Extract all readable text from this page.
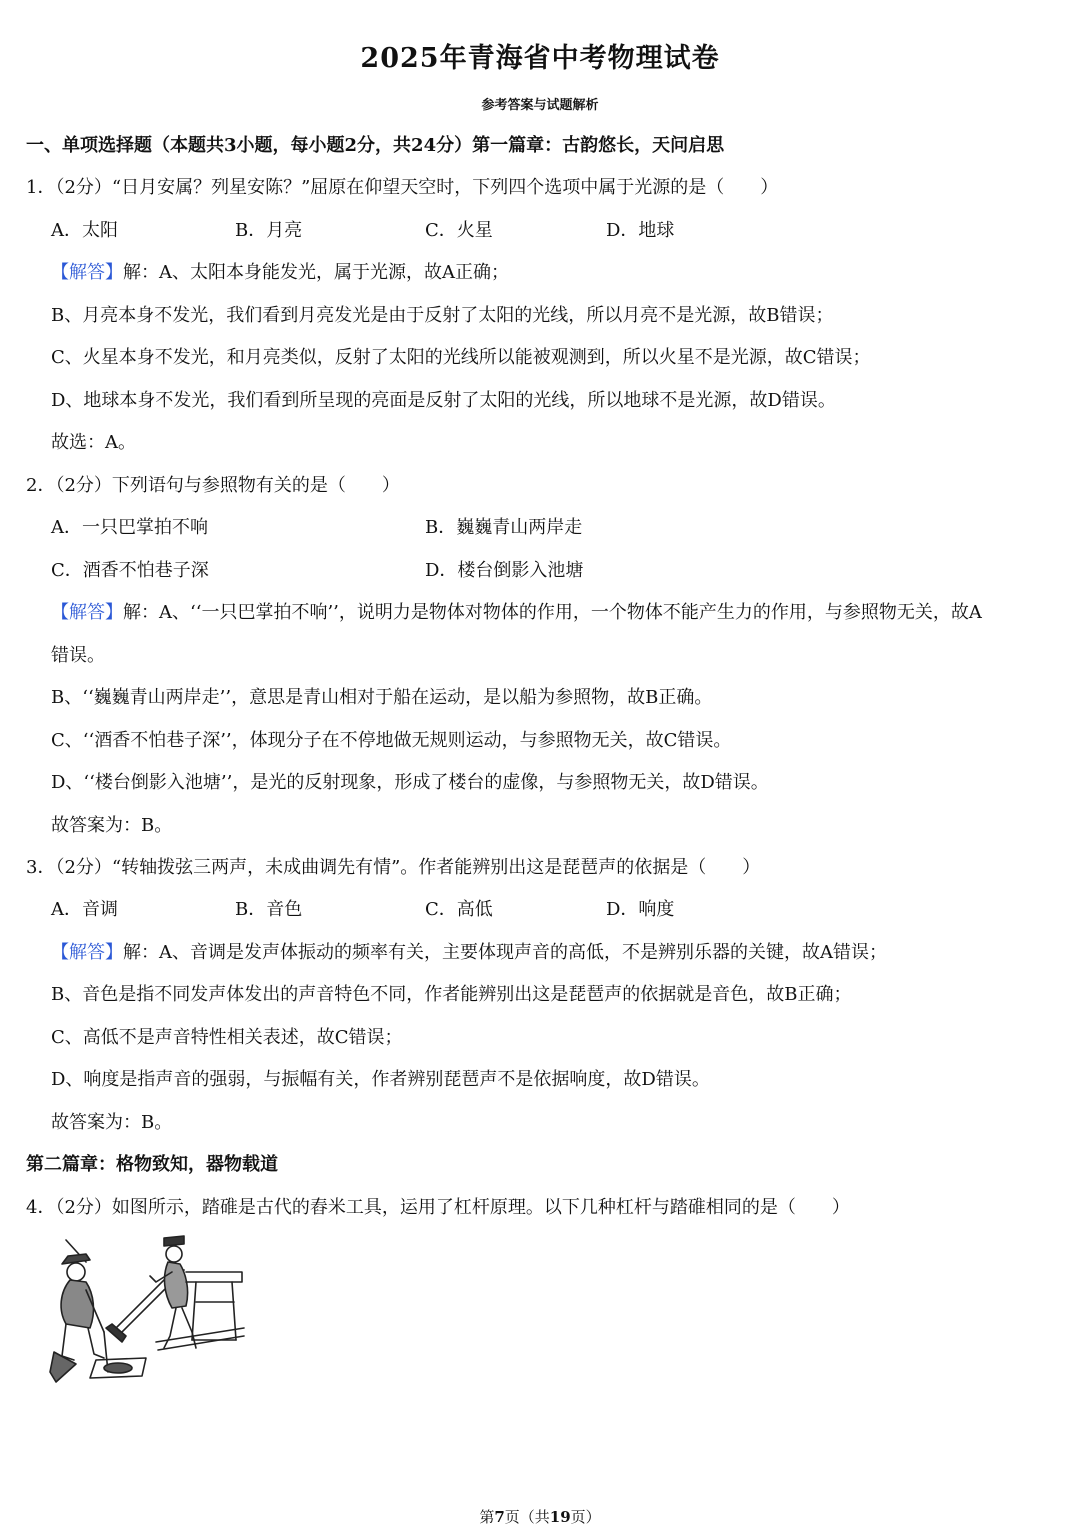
2025年青海省中考物理试卷
参考答案与试题解析
一、单项选择题（本题共3小题，每小题2分，共24分）第一篇章：古韵悠长，天问启思
1．（2分）“日月安属？列星安陈？”屈原在仰望天空时，下列四个选项中属于光源的是（　　）
A．太阳	B．月亮	C．火星	D．地球
【解答】解：A、太阳本身能发光，属于光源，故A正确；
B、月亮本身不发光，我们看到月亮发光是由于反射了太阳的光线，所以月亮不是光源，故B错误；
C、火星本身不发光，和月亮类似，反射了太阳的光线所以能被观测到，所以火星不是光源，故C错误；
D、地球本身不发光，我们看到所呈现的亮面是反射了太阳的光线，所以地球不是光源，故D错误。
故选：A。
2．（2分）下列语句与参照物有关的是（　　）
A．一只巴掌拍不响	B．巍巍青山两岸走
C．酒香不怕巷子深	D．楼台倒影入池塘
【解答】解：A、‘‘一只巴掌拍不响’’，说明力是物体对物体的作用，一个物体不能产生力的作用，与参照物无关，故A
错误。
B、‘‘巍巍青山两岸走’’，意思是青山相对于船在运动，是以船为参照物，故B正确。
C、‘‘酒香不怕巷子深’’，体现分子在不停地做无规则运动，与参照物无关，故C错误。
D、‘‘楼台倒影入池塘’’，是光的反射现象，形成了楼台的虚像，与参照物无关，故D错误。
故答案为：B。
3．（2分）“转轴拨弦三两声，未成曲调先有情”。作者能辨别出这是琵琶声的依据是（　　）
A．音调	B．音色	C．高低	D．响度
【解答】解：A、音调是发声体振动的频率有关，主要体现声音的高低，不是辨别乐器的关键，故A错误；
B、音色是指不同发声体发出的声音特色不同，作者能辨别出这是琵琶声的依据就是音色，故B正确；
C、高低不是声音特性相关表述，故C错误；
D、响度是指声音的强弱，与振幅有关，作者辨别琵琶声不是依据响度，故D错误。
故答案为：B。
第二篇章：格物致知，器物载道
4．（2分）如图所示，踏碓是古代的舂米工具，运用了杠杆原理。以下几种杠杆与踏碓相同的是（　　）
第7页（共19页）
